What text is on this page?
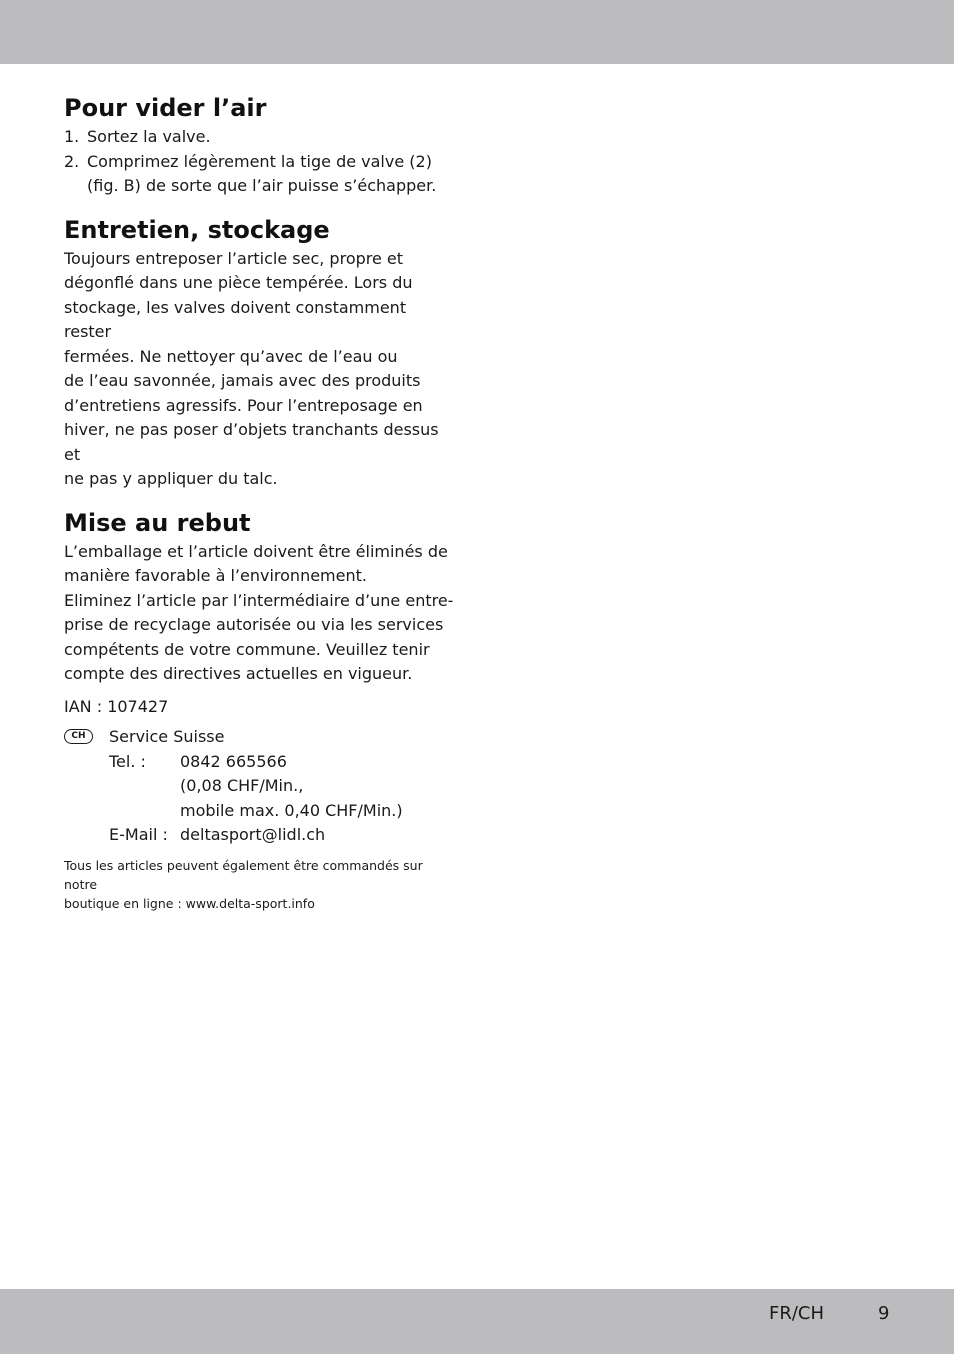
Pour vider l’air
1. Sortez la valve.
2. Comprimez légèrement la tige de valve (2)
(fig. B) de sorte que l’air puisse s’échapper.
Entretien, stockage

Toujours entreposer l’article sec, propre et
dégonflé dans une pièce tempérée. Lors du
stockage, les valves doivent constamment rester
fermées. Ne nettoyer qu’avec de l’eau ou
de l’eau savonnée, jamais avec des produits
d’entretiens agressifs. Pour l’entreposage en
hiver, ne pas poser d’objets tranchants dessus et
ne pas y appliquer du talc.

Mise au rebut

L’emballage et l’article doivent être éliminés de
manière favorable à l’environnement.
Eliminez l’article par l’intermédiaire d’une entre-
prise de recyclage autorisée ou via les services
compétents de votre commune. Veuillez tenir
compte des directives actuelles en vigueur.

IAN : 107427

CH	Service Suisse
Tel. :	0842 665566
(0,08 CHF/Min.,
mobile max. 0,40 CHF/Min.)
E-Mail : deltasport@lidl.ch

Tous les articles peuvent également être commandés sur notre
boutique en ligne : www.delta-sport.info

FR/CH	9
